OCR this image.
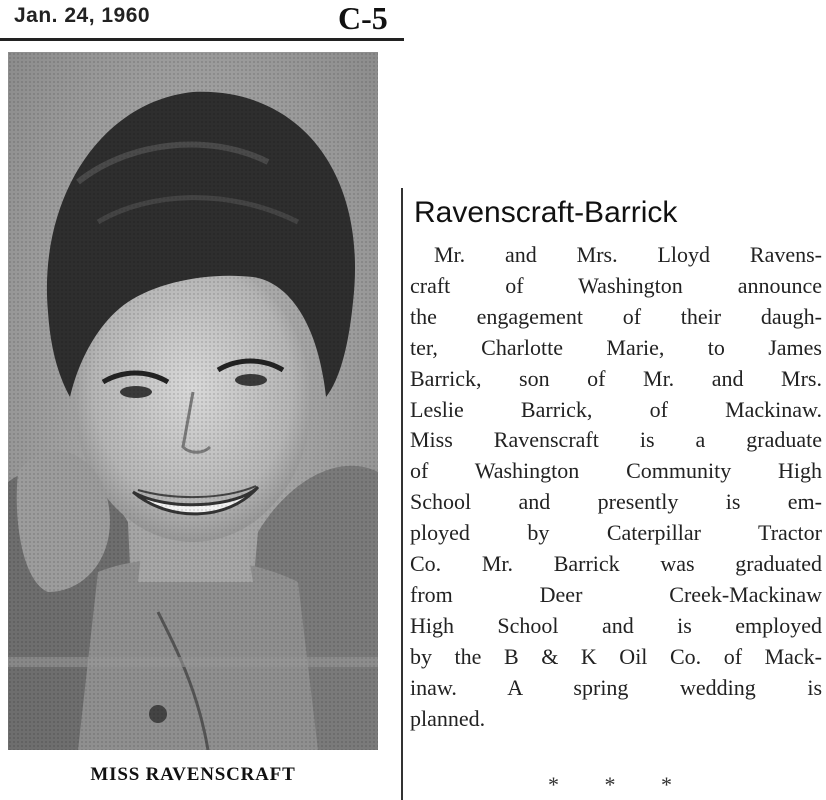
Jan. 24, 1960	C-5
MISS RAVENSCRAFT
Ravenscraft-Barrick
Mr. and Mrs. Lloyd Ravens-
craft of Washington announce
the engagement of their daugh-
ter, Charlotte Marie, to James
Barrick, son of Mr. and Mrs.
Leslie Barrick, of Mackinaw.
Miss Ravenscraft is a graduate
of Washington Community High
School and presently is em-
ployed by Caterpillar Tractor
Co. Mr. Barrick was graduated
from Deer Creek-Mackinaw
High School and is employed
by the B & K Oil Co. of Mack-
inaw. A spring wedding is
planned.
* * *
